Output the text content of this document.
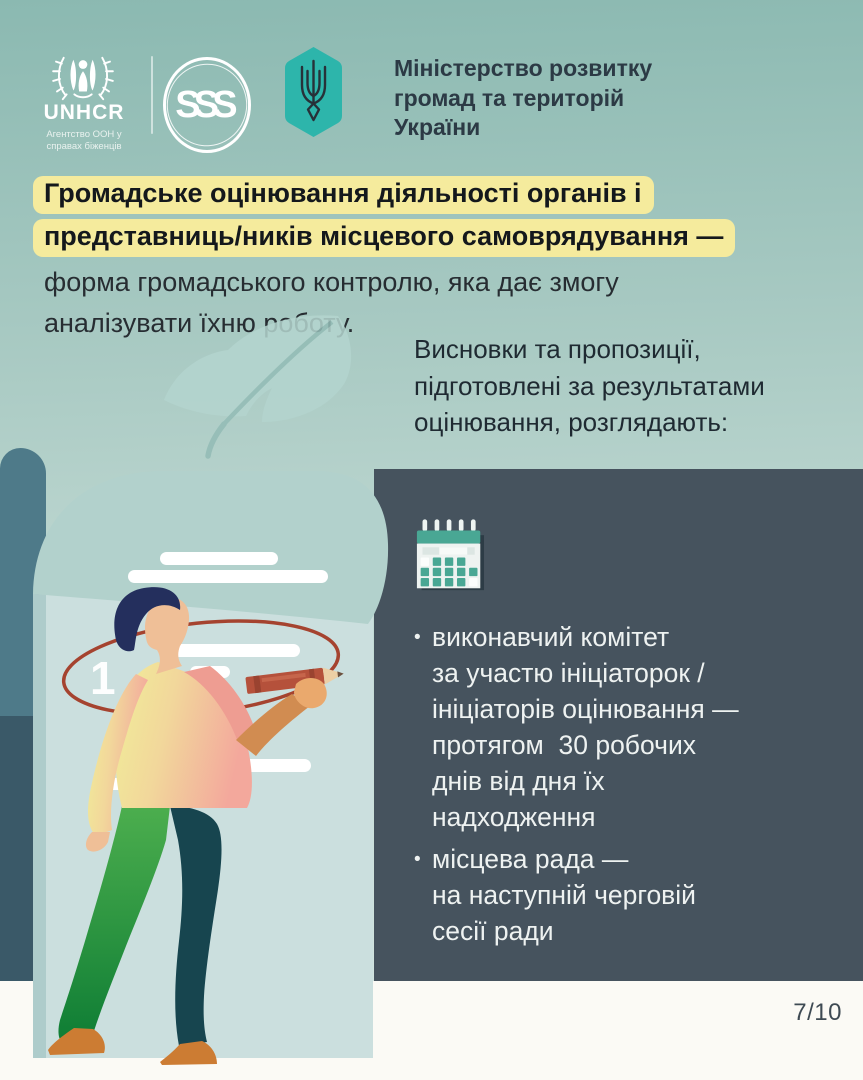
UNHCR
Агентство ООН у
справах біженців
SSS
Міністерство розвитку
громад та територій
України
Громадське оцінювання діяльності органів і
представниць/ників місцевого самоврядування —
форма громадського контролю, яка дає змогу
аналізувати їхню роботу.
• виконавчий комітет
за участю ініціаторок /
ініціаторів оцінювання —
протягом  30 робочих
днів від дня їх
надходження
• місцева рада —
на наступній черговій
сесії ради
Висновки та пропозиції,
підготовлені за результатами
оцінювання, розглядають:
7/10
1
